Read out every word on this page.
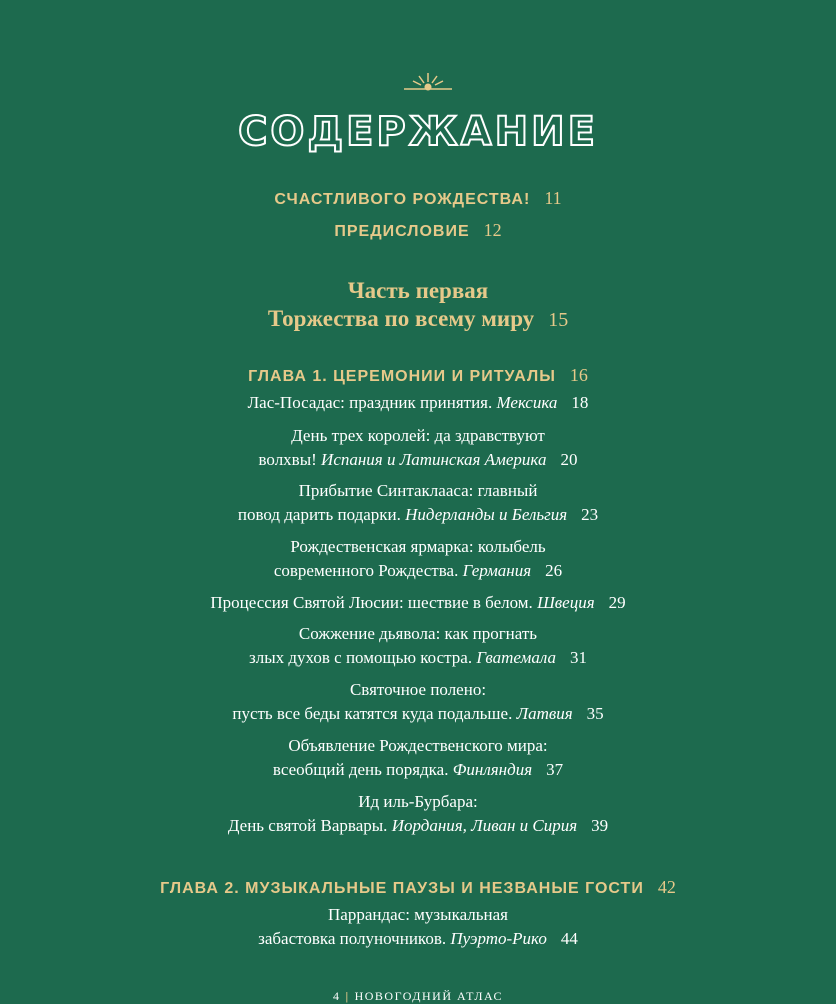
СОДЕРЖАНИЕ
СЧАСТЛИВОГО РОЖДЕСТВА! 11
ПРЕДИСЛОВИЕ 12
Часть первая
Торжества по всему миру 15
ГЛАВА 1. ЦЕРЕМОНИИ И РИТУАЛЫ 16
Лас-Посадас: праздник принятия. Мексика 18
День трех королей: да здравствуют
волхвы! Испания и Латинская Америка 20
Прибытие Синтаклааса: главный
повод дарить подарки. Нидерланды и Бельгия 23
Рождественская ярмарка: колыбель
современного Рождества. Германия 26
Процессия Святой Люсии: шествие в белом. Швеция 29
Сожжение дьявола: как прогнать
злых духов с помощью костра. Гватемала 31
Святочное полено:
пусть все беды катятся куда подальше. Латвия 35
Объявление Рождественского мира:
всеобщий день порядка. Финляндия 37
Ид иль-Бурбара:
День святой Варвары. Иордания, Ливан и Сирия 39
ГЛАВА 2. МУЗЫКАЛЬНЫЕ ПАУЗЫ И НЕЗВАНЫЕ ГОСТИ 42
Паррандас: музыкальная
забастовка полуночников. Пуэрто-Рико 44
4 | НОВОГОДНИЙ АТЛАС
